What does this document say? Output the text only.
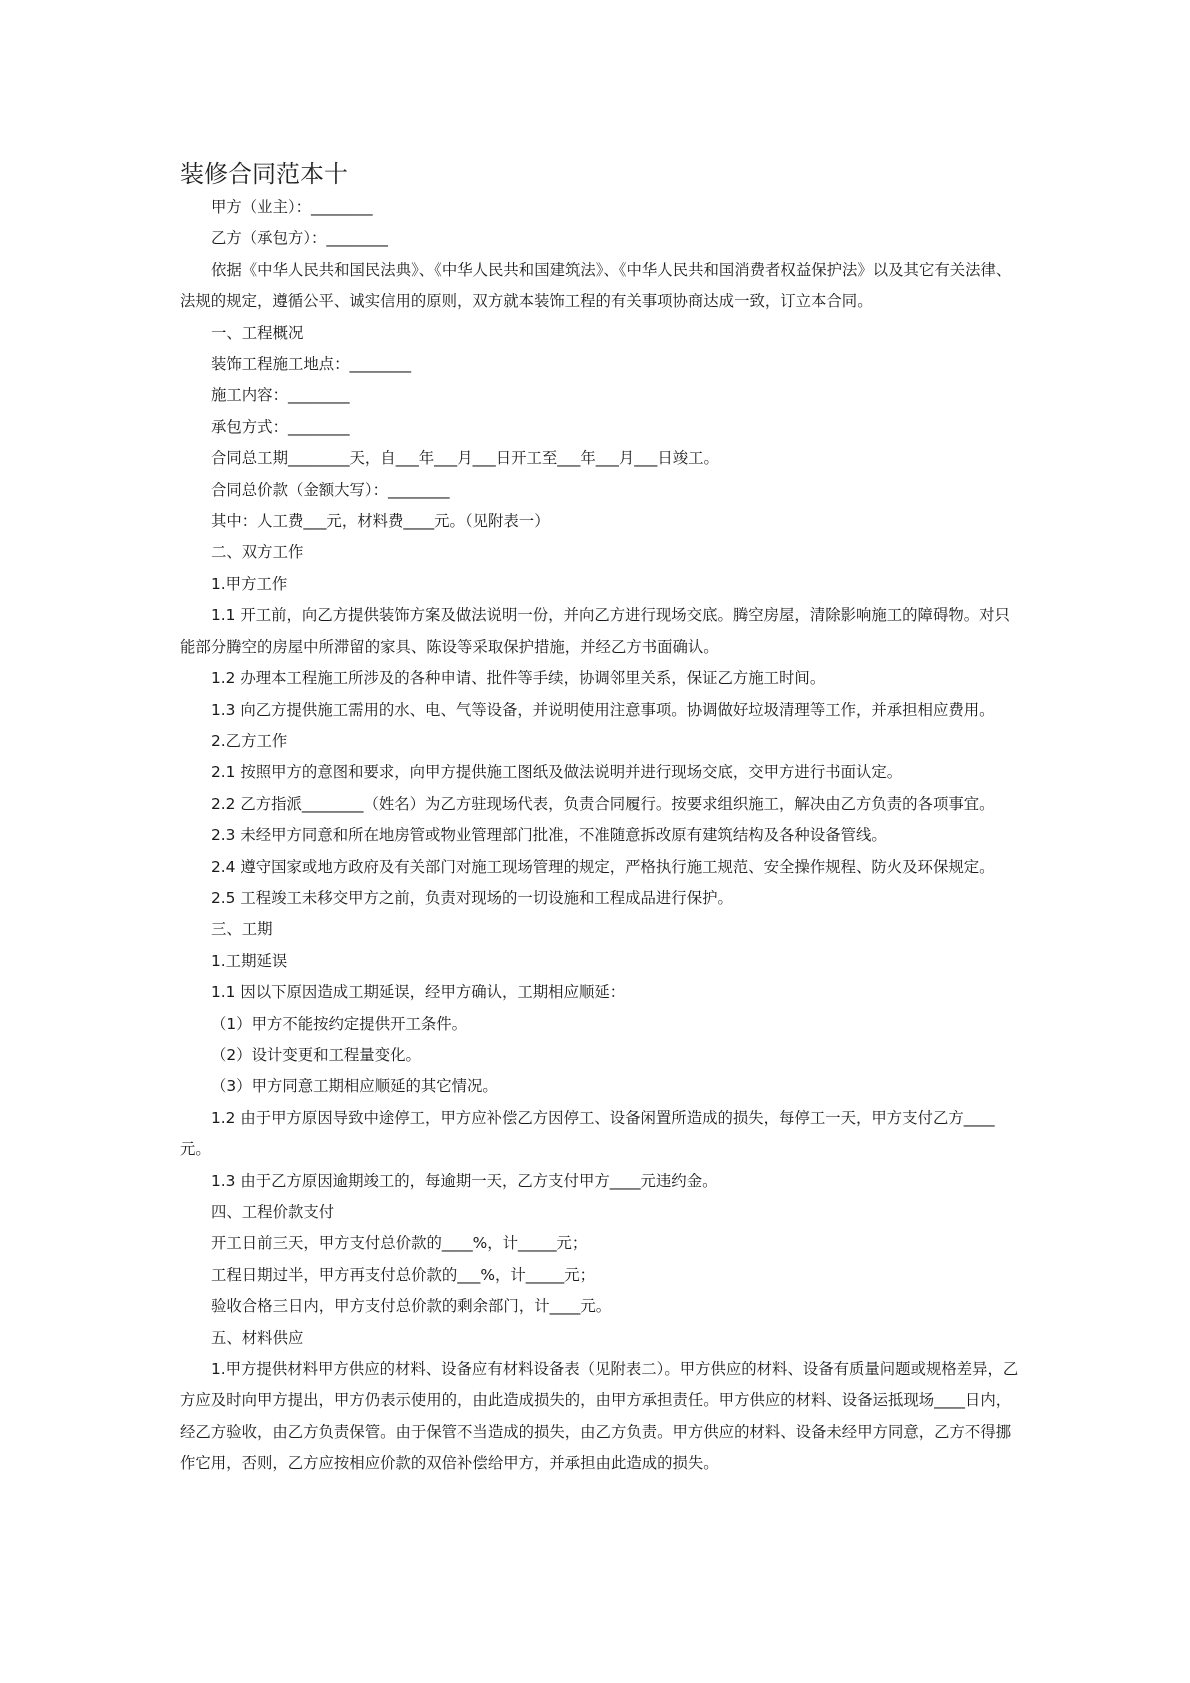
装修合同范本十

甲方（业主）：________

乙方（承包方）：________

依据《中华人民共和国民法典》、《中华人民共和国建筑法》、《中华人民共和国消费者权益保护法》以及其它有关法律、法规的规定，遵循公平、诚实信用的原则，双方就本装饰工程的有关事项协商达成一致，订立本合同。

一、工程概况

装饰工程施工地点：________

施工内容：________

承包方式：________

合同总工期________天，自___年___月___日开工至___年___月___日竣工。

合同总价款（金额大写）：________

其中：人工费___元，材料费____元。（见附表一）

二、双方工作

1.甲方工作

1.1 开工前，向乙方提供装饰方案及做法说明一份，并向乙方进行现场交底。腾空房屋，清除影响施工的障碍物。对只能部分腾空的房屋中所滞留的家具、陈设等采取保护措施，并经乙方书面确认。

1.2 办理本工程施工所涉及的各种申请、批件等手续，协调邻里关系，保证乙方施工时间。

1.3 向乙方提供施工需用的水、电、气等设备，并说明使用注意事项。协调做好垃圾清理等工作，并承担相应费用。

2.乙方工作

2.1 按照甲方的意图和要求，向甲方提供施工图纸及做法说明并进行现场交底，交甲方进行书面认定。

2.2 乙方指派________（姓名）为乙方驻现场代表，负责合同履行。按要求组织施工，解决由乙方负责的各项事宜。

2.3 未经甲方同意和所在地房管或物业管理部门批准，不准随意拆改原有建筑结构及各种设备管线。

2.4 遵守国家或地方政府及有关部门对施工现场管理的规定，严格执行施工规范、安全操作规程、防火及环保规定。

2.5 工程竣工未移交甲方之前，负责对现场的一切设施和工程成品进行保护。

三、工期

1.工期延误

1.1 因以下原因造成工期延误，经甲方确认，工期相应顺延：

（1）甲方不能按约定提供开工条件。

（2）设计变更和工程量变化。

（3）甲方同意工期相应顺延的其它情况。

1.2 由于甲方原因导致中途停工，甲方应补偿乙方因停工、设备闲置所造成的损失，每停工一天，甲方支付乙方____元。

1.3 由于乙方原因逾期竣工的，每逾期一天，乙方支付甲方____元违约金。

四、工程价款支付

开工日前三天，甲方支付总价款的____%，计_____元；

工程日期过半，甲方再支付总价款的___%，计_____元；

验收合格三日内，甲方支付总价款的剩余部门，计____元。

五、材料供应

1.甲方提供材料甲方供应的材料、设备应有材料设备表（见附表二）。甲方供应的材料、设备有质量问题或规格差异，乙方应及时向甲方提出，甲方仍表示使用的，由此造成损失的，由甲方承担责任。甲方供应的材料、设备运抵现场____日内，经乙方验收，由乙方负责保管。由于保管不当造成的损失，由乙方负责。甲方供应的材料、设备未经甲方同意，乙方不得挪作它用，否则，乙方应按相应价款的双倍补偿给甲方，并承担由此造成的损失。
